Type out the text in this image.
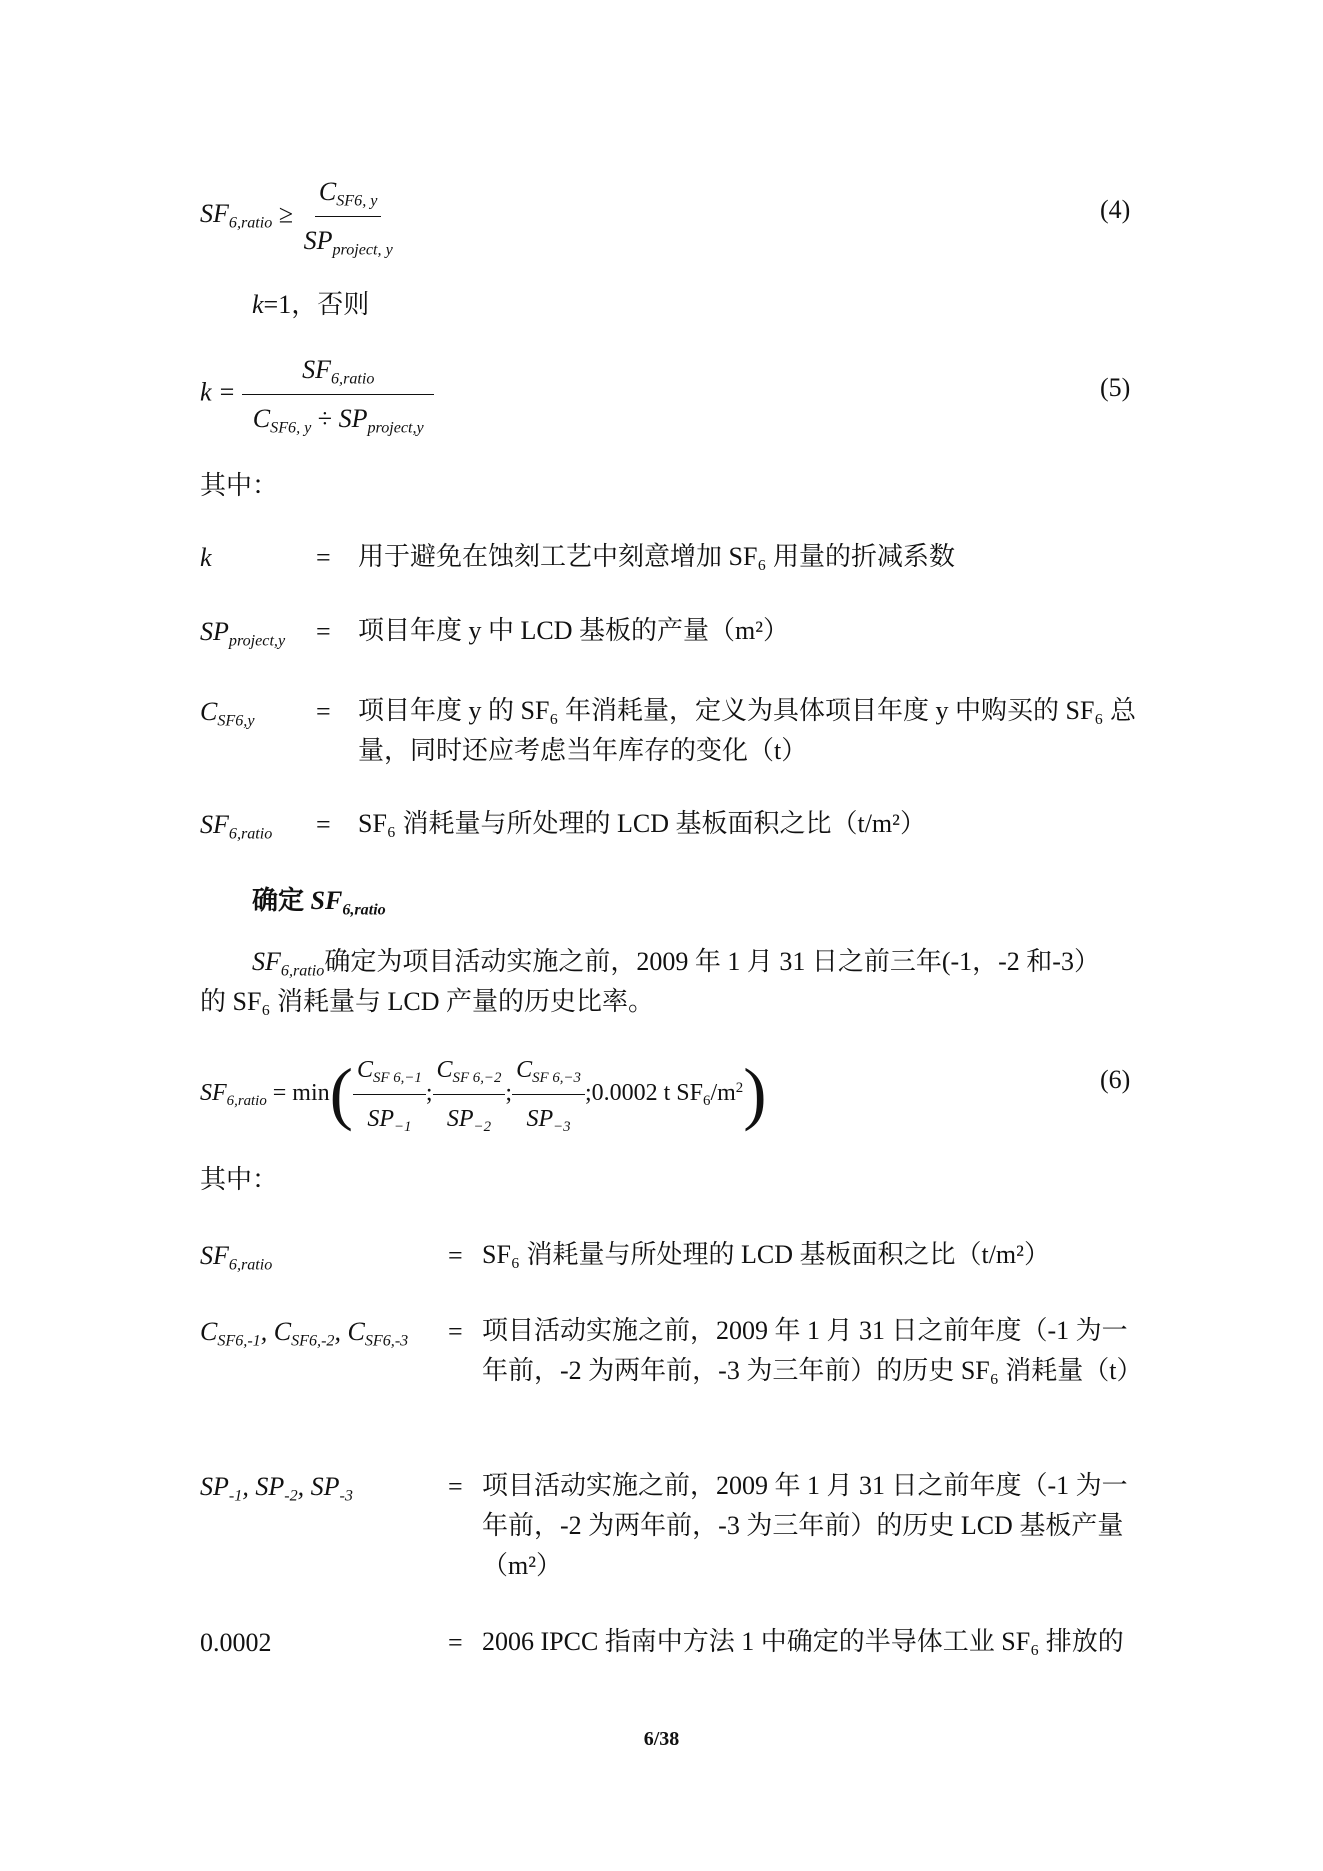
$SF_{6,ratio} \ge \frac{C_{SF6, y}}{SP_{project, y}}$	(4)
k=1，否则
$k = \frac{SF_{6,ratio}}{C_{SF6, y} \div SP_{project,y}}$	(5)
其中：
k	= 用于避免在蚀刻工艺中刻意增加 SF₆ 用量的折减系数
$SP_{project,y}$ = 项目年度 y 中 LCD 基板的产量（m²）
$C_{SF6,y}$ = 项目年度 y 的 SF₆ 年消耗量，定义为具体项目年度 y 中购买的 SF₆ 总量，同时还应考虑当年库存的变化（t）
$SF_{6,ratio} = SF_6$ 消耗量与所处理的 LCD 基板面积之比（t/m²）
确定 $SF_{6,ratio}$
$SF_{6,ratio}$确定为项目活动实施之前，2009 年 1 月 31 日之前三年(-1，-2 和-3）
的 SF₆ 消耗量与 LCD 产量的历史比率。
$SF_{6,ratio} = \min( \frac{C_{SF 6,-1}}{SP_{-1}}$ ; $\frac{C_{SF 6,-2}}{SP_{-2}}$ ; $\frac{C_{SF 6,-3}}{SP_{-3}}$ ;0.0002 t $SF_6/m^2$)	(6)
其中：
$SF_{6,ratio}$	= SF₆ 消耗量与所处理的 LCD 基板面积之比（t/m²）
$C_{SF6,-1}$, $C_{SF6,-2}$, $C_{SF6,-3}$ = 项目活动实施之前，2009 年 1 月 31 日之前年度（-1 为一年前，-2 为两年前，-3 为三年前）的历史 SF₆ 消耗量（t）
$SP_{-1}$, $SP_{-2}$, $SP_{-3}$	= 项目活动实施之前，2009 年 1 月 31 日之前年度（-1 为一年前，-2 为两年前，-3 为三年前）的历史 LCD 基板产量（m²）
0.0002	= 2006 IPCC 指南中方法 1 中确定的半导体工业 SF₆ 排放的
6/38
